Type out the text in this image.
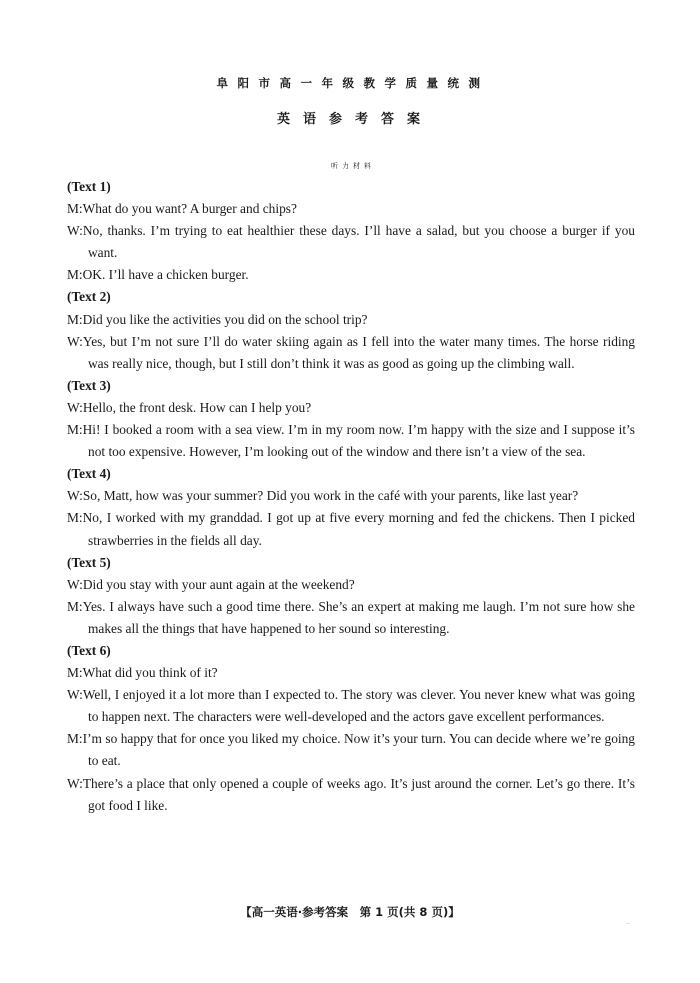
阜阳市高一年级教学质量统测
英语参考答案
听力材料
(Text 1)
M:What do you want? A burger and chips?
W:No, thanks. I’m trying to eat healthier these days. I’ll have a salad, but you choose a burger if you want.
M:OK. I’ll have a chicken burger.
(Text 2)
M:Did you like the activities you did on the school trip?
W:Yes, but I’m not sure I’ll do water skiing again as I fell into the water many times. The horse riding was really nice, though, but I still don’t think it was as good as going up the climbing wall.
(Text 3)
W:Hello, the front desk. How can I help you?
M:Hi! I booked a room with a sea view. I’m in my room now. I’m happy with the size and I suppose it’s not too expensive. However, I’m looking out of the window and there isn’t a view of the sea.
(Text 4)
W:So, Matt, how was your summer? Did you work in the café with your parents, like last year?
M:No, I worked with my granddad. I got up at five every morning and fed the chickens. Then I picked strawberries in the fields all day.
(Text 5)
W:Did you stay with your aunt again at the weekend?
M:Yes. I always have such a good time there. She’s an expert at making me laugh. I’m not sure how she makes all the things that have happened to her sound so interesting.
(Text 6)
M:What did you think of it?
W:Well, I enjoyed it a lot more than I expected to. The story was clever. You never knew what was going to happen next. The characters were well-developed and the actors gave excellent performances.
M:I’m so happy that for once you liked my choice. Now it’s your turn. You can decide where we’re going to eat.
W:There’s a place that only opened a couple of weeks ago. It’s just around the corner. Let’s go there. It’s got food I like.
【高一英语·参考答案　第 1 页(共 8 页)】
...
